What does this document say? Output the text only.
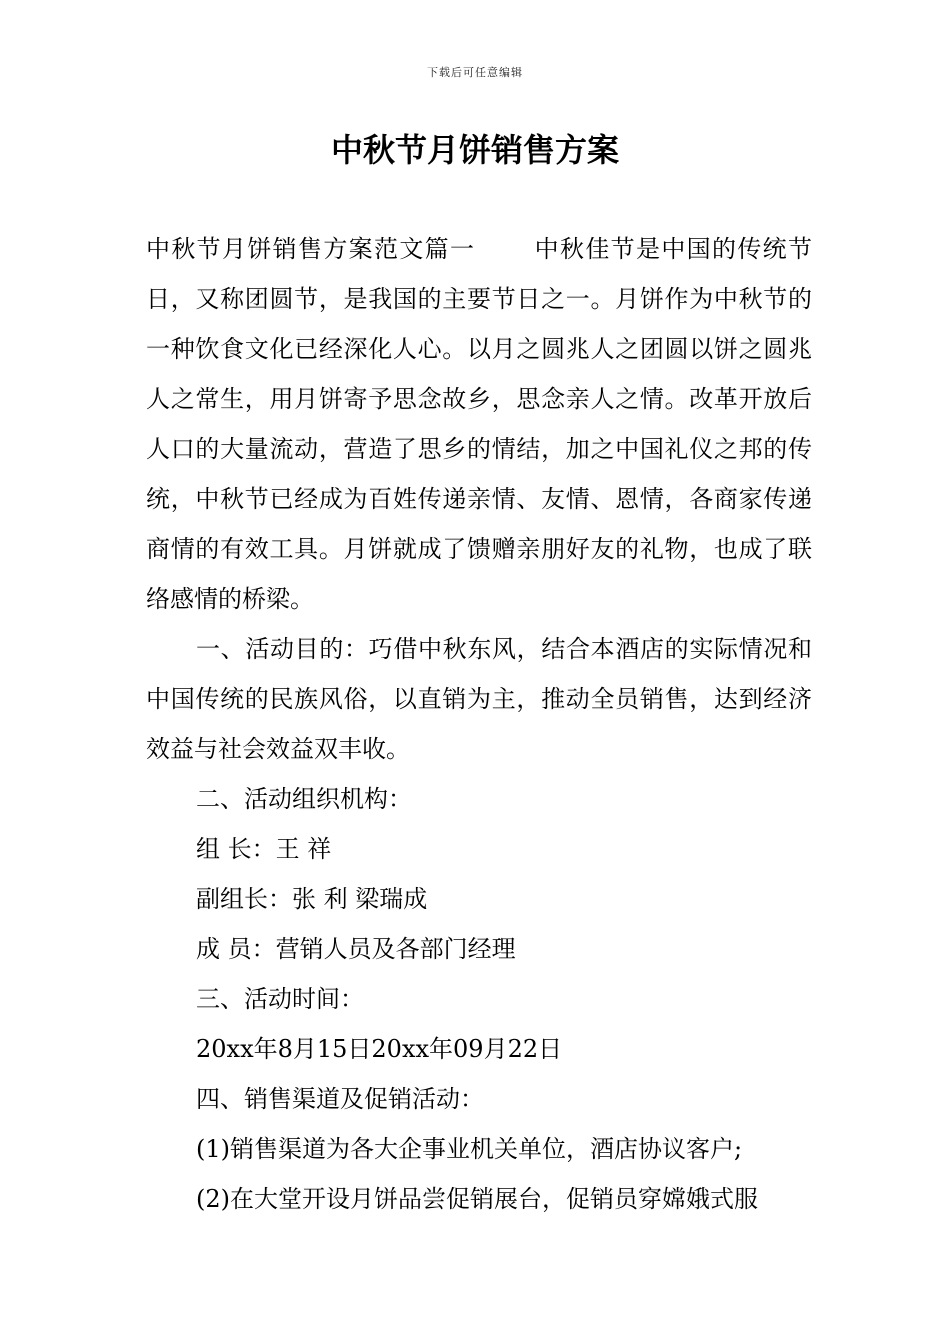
下载后可任意编辑
中秋节月饼销售方案

中秋节月饼销售方案范文篇一 中秋佳节是中国的传统节日，又称团圆节，是我国的主要节日之一。月饼作为中秋节的一种饮食文化已经深化人心。以月之圆兆人之团圆以饼之圆兆人之常生，用月饼寄予思念故乡，思念亲人之情。改革开放后人口的大量流动，营造了思乡的情结，加之中国礼仪之邦的传统，中秋节已经成为百姓传递亲情、友情、恩情，各商家传递商情的有效工具。月饼就成了馈赠亲朋好友的礼物，也成了联络感情的桥梁。

一、活动目的：巧借中秋东风，结合本酒店的实际情况和中国传统的民族风俗，以直销为主，推动全员销售，达到经济效益与社会效益双丰收。

二、活动组织机构：

组 长：王 祥

副组长：张 利 梁瑞成

成 员：营销人员及各部门经理

三、活动时间：

20xx年8月15日20xx年09月22日

四、销售渠道及促销活动：

(1)销售渠道为各大企事业机关单位，酒店协议客户;

(2)在大堂开设月饼品尝促销展台，促销员穿嫦娥式服
